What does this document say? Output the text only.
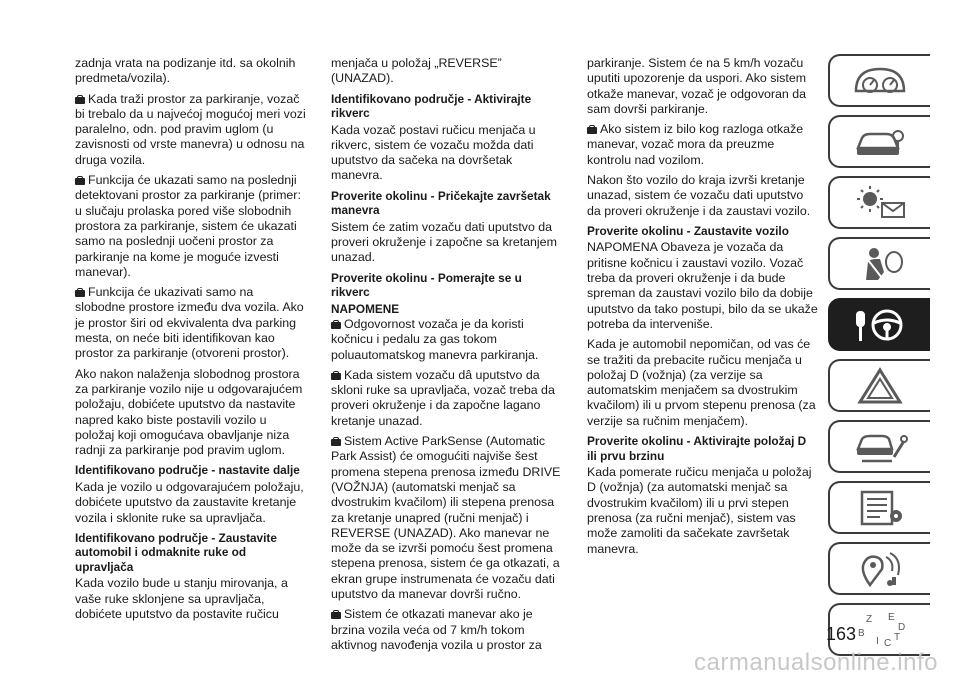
zadnja vrata na podizanje itd. sa okolnih predmeta/vozila).

Kada traži prostor za parkiranje, vozač bi trebalo da u najvećoj mogućoj meri vozi paralelno, odn. pod pravim uglom (u zavisnosti od vrste manevra) u odnosu na druga vozila.

Funkcija će ukazati samo na poslednji detektovani prostor za parkiranje (primer: u slučaju prolaska pored više slobodnih prostora za parkiranje, sistem će ukazati samo na poslednji uočeni prostor za parkiranje na kome je moguće izvesti manevar).

Funkcija će ukazivati samo na slobodne prostore između dva vozila. Ako je prostor širi od ekvivalenta dva parking mesta, on neće biti identifikovan kao prostor za parkiranje (otvoreni prostor).

Ako nakon nalaženja slobodnog prostora za parkiranje vozilo nije u odgovarajućem položaju, dobićete uputstvo da nastavite napred kako biste postavili vozilo u položaj koji omogućava obavljanje niza radnji za parkiranje pod pravim uglom.

Identifikovano područje - nastavite dalje

Kada je vozilo u odgovarajućem položaju, dobićete uputstvo da zaustavite kretanje vozila i sklonite ruke sa upravljača.

Identifikovano područje - Zaustavite automobil i odmaknite ruke od upravljača

Kada vozilo bude u stanju mirovanja, a vaše ruke sklonjene sa upravljača, dobićete uputstvo da postavite ručicu

menjača u položaj „REVERSE” (UNAZAD).

Identifikovano područje - Aktivirajte rikverc

Kada vozač postavi ručicu menjača u rikverc, sistem će vozaču možda dati uputstvo da sačeka na dovršetak manevra.

Proverite okolinu - Pričekajte završetak manevra

Sistem će zatim vozaču dati uputstvo da proveri okruženje i započne sa kretanjem unazad.

Proverite okolinu - Pomerajte se u rikverc

NAPOMENE

Odgovornost vozača je da koristi kočnicu i pedalu za gas tokom poluautomatskog manevra parkiranja.

Kada sistem vozaču dâ uputstvo da skloni ruke sa upravljača, vozač treba da proveri okruženje i da započne lagano kretanje unazad.

Sistem Active ParkSense (Automatic Park Assist) će omogućiti najviše šest promena stepena prenosa između DRIVE (VOŽNJA) (automatski menjač sa dvostrukim kvačilom) ili stepena prenosa za kretanje unapred (ručni menjač) i REVERSE (UNAZAD). Ako manevar ne može da se izvrši pomoću šest promena stepena prenosa, sistem će ga otkazati, a ekran grupe instrumenata će vozaču dati uputstvo da manevar dovrši ručno.

Sistem će otkazati manevar ako je brzina vozila veća od 7 km/h tokom aktivnog navođenja vozila u prostor za

parkiranje. Sistem će na 5 km/h vozaču uputiti upozorenje da uspori. Ako sistem otkaže manevar, vozač je odgovoran da sam dovrši parkiranje.

Ako sistem iz bilo kog razloga otkaže manevar, vozač mora da preuzme kontrolu nad vozilom.

Nakon što vozilo do kraja izvrši kretanje unazad, sistem će vozaču dati uputstvo da proveri okruženje i da zaustavi vozilo.

Proverite okolinu - Zaustavite vozilo

NAPOMENA Obaveza je vozača da pritisne kočnicu i zaustavi vozilo. Vozač treba da proveri okruženje i da bude spreman da zaustavi vozilo bilo da dobije uputstvo da tako postupi, bilo da se ukaže potreba da interveniše.

Kada je automobil nepomičan, od vas će se tražiti da prebacite ručicu menjača u položaj D (vožnja) (za verzije sa automatskim menjačem sa dvostrukim kvačilom) ili u prvom stepenu prenosa (za verzije sa ručnim menjačem).

Proverite okolinu - Aktivirajte položaj D ili prvu brzinu

Kada pomerate ručicu menjača u položaj D (vožnja) (za automatski menjač sa dvostrukim kvačilom) ili u prvi stepen prenosa (za ručni menjač), sistem vas može zamoliti da sačekate završetak manevra.

Z E
B
I C
T
D
163
carmanualsonline.info
